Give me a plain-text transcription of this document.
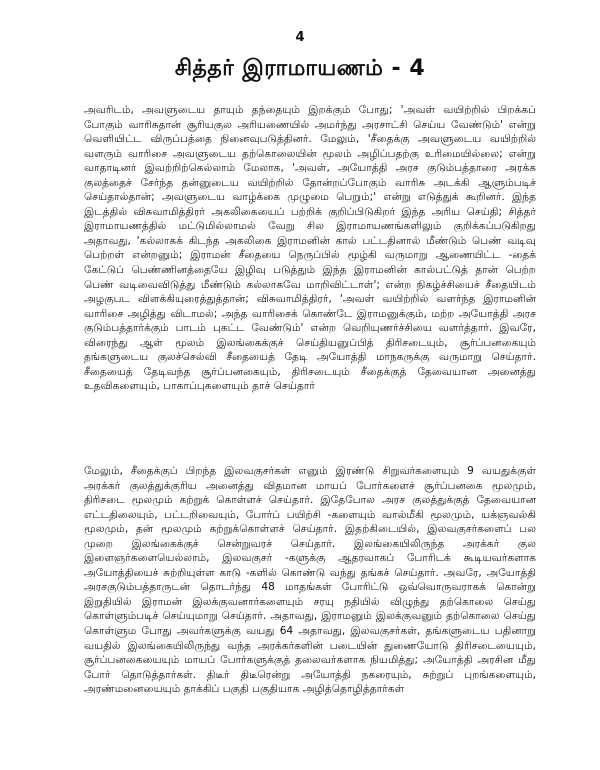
4
சித்தர் இராமாயணம் - 4

அவரிடம், அவளுடைய தாயும் தந்தையும் இறக்கும் போது; 'அவள் வயிற்றில் பிறக்கப் போகும் வாரிசுதான் சூரியகுல அரியணையில் அமர்ந்து அரசாட்சி செய்ய வேண்டும்' என்று வெளியிட்ட விருப்பத்தை நினைவுபடுத்தினர். மேலும், 'சீதைக்கு அவளுடைய வயிற்றில் வளரும் வாரிசை அவளுடைய தற்கொலையின் மூலம் அழிப்பதற்கு உரிமையில்லை; என்று வாதாடினர் இவற்றிற்கெல்லாம் மேலாக, 'அவள், அயோத்தி அரச குடும்பத்தாரை அரக்க குலத்தைச் சேர்ந்த தன்னுடைய வயிற்றில் தோன்றப்போகும் வாரிசு அடக்கி ஆளும்படிச் செய்தால்தான்; அவளுடைய வாழ்க்கை முழுமை பெறும்;' என்று எடுத்துக் கூறினர். இந்த இடத்தில் விசுவாமித்திரர் அகலிகையைப் பற்றிக் குறிப்பிடுகிறர் இந்த அரிய செய்தி; சித்தர் இராமாயணத்தில் மட்டுமில்லாமல் வேறு சில இராமாயணங்களிலும் குறிக்கப்படுகிறது அதாவது, 'கல்லாகக் கிடந்த அகலிகை இராமனின் கால் பட்டதினால் மீண்டும் பெண் வடிவு பெற்றள் என்றனும்; இராமன் சீதையை நெருப்பில் மூழ்கி வருமாறு ஆணையிட்ட -தைக் கேட்டுப் பெண்ணினத்தையே இழிவு படுத்தும் இந்த இராமனின் கால்பட்டுத் தான் பெற்ற பெண் வடிவைவிடுத்து மீண்டும் கல்லாகவே மாறிவிட்டாள்'; என்ற நிகழ்ச்சியைச் சீதையிடம் அழகுபட விளக்கியுரைத்துத்தான்; விசுவாமித்திரர், 'அவள் வயிற்றில் வளர்ந்த இராமனின் வாரிசை அழித்து விடாமல்; அந்த வாரிசைக் கொண்டே இராமனுக்கும், மற்ற அயோத்தி அரச குடும்பத்தார்க்கும் பாடம் புகட்ட வேண்டும்' என்ற வெறியுணர்ச்சியை வளர்த்தார். இவரே, விரைந்து ஆள் மூலம் இலங்கைக்குச் செய்தியனுப்பித் திரிசடையும், சூர்ப்பனகையும் தங்களுடைய குலச்செல்வி சீதையைத் தேடி அயோத்தி மாநகருக்கு வருமாறு செய்தார். சீதையைத் தேடிவந்த சூர்ப்பனகையும், திரிசடையும் சீதைக்குத் தேவையான அனைத்து உதவிகளையும், பாகாப்புகளையும் தாச் செய்தார்

மேலும், சீதைக்குப் பிறந்த இலவகுசர்கள் எனும் இரண்டு சிறுவர்களையும் 9 வயதுக்குள் அரக்கர் குலத்துக்குரிய அனைத்து விதமான மாயப் போர்களைச் சூர்ப்பனகை மூலமும், திரிசடை மூலமும் கற்றுக் கொள்ளச் செய்தார். இதேபோல அரச குலத்துக்குத் தேவையான எட்டதிலையும், பட்டறிவையும், போர்ப் பயிற்சி -களையும் வால்மீகி மூலமும், யக்ஞவல்கி மூலமும், தன் மூலமும் கற்றுக்கொள்ளச் செய்தார். இதற்கிடையில், இலவகுசர்களைப் பல முறை இலங்கைக்குச் சென்றுவரச் செய்தார். இலங்கையிலிருந்த அரக்கர் குல இளைஞர்களையெல்லாம், இலவகுசர் -களுக்கு ஆதரவாகப் போரிடக் கூடியவர்களாக அயோத்தியைச் சுற்றியுள்ள காடு -களில் கொண்டு வந்து தங்கச் செய்தார். அவரே, அயோத்தி அரசகுடும்பத்தாருடன் தொடர்ந்து 48 மாதங்கள் போரிட்டு ஒவ்வொருவராகக் கொன்று இறுதியில் இராமன் இலக்குவனார்களையும் சரயு நதியில் விழுந்து தற்கொலை செய்து கொள்ளும்படிச் செய்யுமாறு செய்தார். அதாவது, இராமனும் இலக்குவனும் தற்கொலை செய்து கொள்ளும போது அவர்களுக்கு வயது 64 அதாவது, இலவகுசர்கள், தங்களுடைய பதினாறு வயதில் இலங்கையிலிருந்து வந்த அரக்கர்களின் படையின் துணையோடு திரிசடையையும், சூர்ப்பனகையையும் மாயப் போர்களுக்குத் தலைவர்களாக நியமித்து; அயோத்தி அரசின மீது போர் தொடுத்தார்கள். திடீர் திடீரென்று அயோத்தி நகரையும், சுற்றுப் புறங்களையும், அரண்மனையையும் தாக்கிப் பகுதி பகுதியாக அழித்தொழித்தார்கள்
